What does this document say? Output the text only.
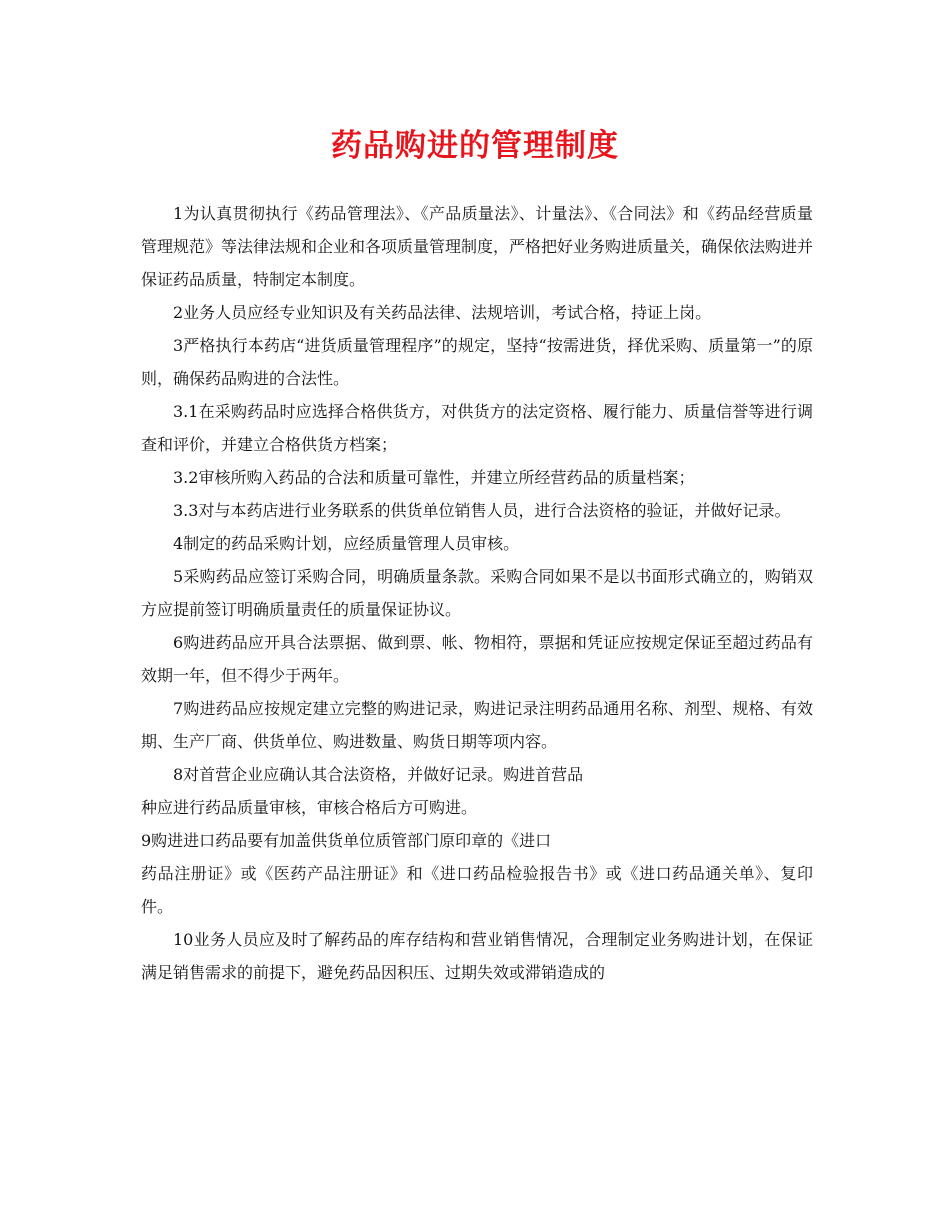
药品购进的管理制度

1为认真贯彻执行《药品管理法》、《产品质量法》、计量法》、《合同法》和《药品经营质量管理规范》等法律法规和企业和各项质量管理制度，严格把好业务购进质量关，确保依法购进并保证药品质量，特制定本制度。

2业务人员应经专业知识及有关药品法律、法规培训，考试合格，持证上岗。

3严格执行本药店“进货质量管理程序”的规定，坚持“按需进货，择优采购、质量第一”的原则，确保药品购进的合法性。

3.1在采购药品时应选择合格供货方，对供货方的法定资格、履行能力、质量信誉等进行调查和评价，并建立合格供货方档案；

3.2审核所购入药品的合法和质量可靠性，并建立所经营药品的质量档案；

3.3对与本药店进行业务联系的供货单位销售人员，进行合法资格的验证，并做好记录。

4制定的药品采购计划，应经质量管理人员审核。

5采购药品应签订采购合同，明确质量条款。采购合同如果不是以书面形式确立的，购销双方应提前签订明确质量责任的质量保证协议。

6购进药品应开具合法票据、做到票、帐、物相符，票据和凭证应按规定保证至超过药品有效期一年，但不得少于两年。

7购进药品应按规定建立完整的购进记录，购进记录注明药品通用名称、剂型、规格、有效期、生产厂商、供货单位、购进数量、购货日期等项内容。

8对首营企业应确认其合法资格，并做好记录。购进首营品

种应进行药品质量审核，审核合格后方可购进。

9购进进口药品要有加盖供货单位质管部门原印章的《进口

药品注册证》或《医药产品注册证》和《进口药品检验报告书》或《进口药品通关单》、复印件。

10业务人员应及时了解药品的库存结构和营业销售情况，合理制定业务购进计划，在保证满足销售需求的前提下，避免药品因积压、过期失效或滞销造成的
